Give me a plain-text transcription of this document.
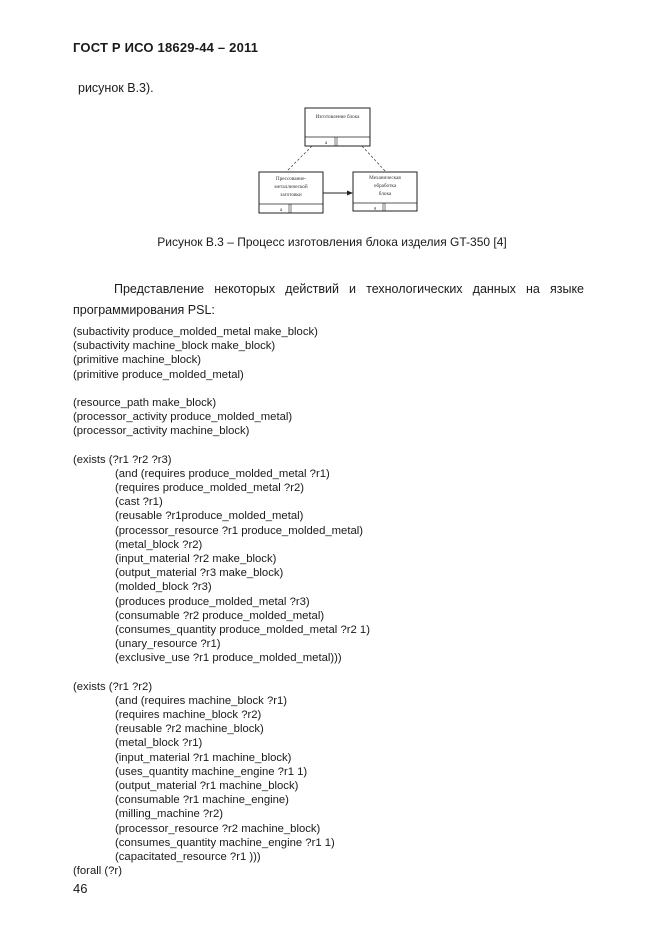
ГОСТ Р ИСО 18629-44 – 2011
рисунок В.3).
Изготовление блока
а
Прессование-
металлической
заготовки
а
Механическая
обработка
блока
а
Рисунок В.3 – Процесс изготовления блока изделия GT-350 [4]
Представление некоторых действий и технологических данных на языке
программирования PSL:
(subactivity produce_molded_metal make_block)
(subactivity machine_block make_block)
(primitive machine_block)
(primitive produce_molded_metal)
(resource_path make_block)
(processor_activity produce_molded_metal)
(processor_activity machine_block)
(exists (?r1 ?r2 ?r3)
(and (requires produce_molded_metal ?r1)
(requires produce_molded_metal ?r2)
(cast ?r1)
(reusable ?r1produce_molded_metal)
(processor_resource ?r1 produce_molded_metal)
(metal_block ?r2)
(input_material ?r2 make_block)
(output_material ?r3 make_block)
(molded_block ?r3)
(produces produce_molded_metal ?r3)
(consumable ?r2 produce_molded_metal)
(consumes_quantity produce_molded_metal ?r2 1)
(unary_resource ?r1)
(exclusive_use ?r1 produce_molded_metal)))
(exists (?r1 ?r2)
(and (requires machine_block ?r1)
(requires machine_block ?r2)
(reusable ?r2 machine_block)
(metal_block ?r1)
(input_material ?r1 machine_block)
(uses_quantity machine_engine ?r1 1)
(output_material ?r1 machine_block)
(consumable ?r1 machine_engine)
(milling_machine ?r2)
(processor_resource ?r2 machine_block)
(consumes_quantity machine_engine ?r1 1)
(capacitated_resource ?r1 )))
(forall (?r)
46
